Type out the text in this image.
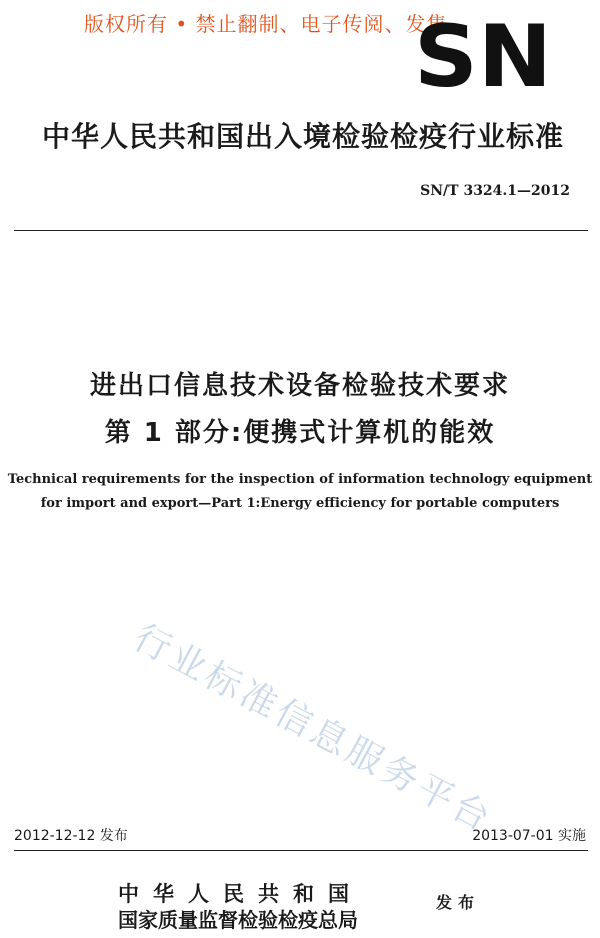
版权所有 • 禁止翻制、电子传阅、发售
SN
中华人民共和国出入境检验检疫行业标准
SN/T 3324.1—2012
进出口信息技术设备检验技术要求
第 1 部分:便携式计算机的能效
Technical requirements for the inspection of information technology equipment
for import and export—Part 1:Energy efficiency for portable computers
行业标准信息服务平台
2012-12-12 发布	2013-07-01 实施
中华人民共和国
国家质量监督检验检疫总局
发布
